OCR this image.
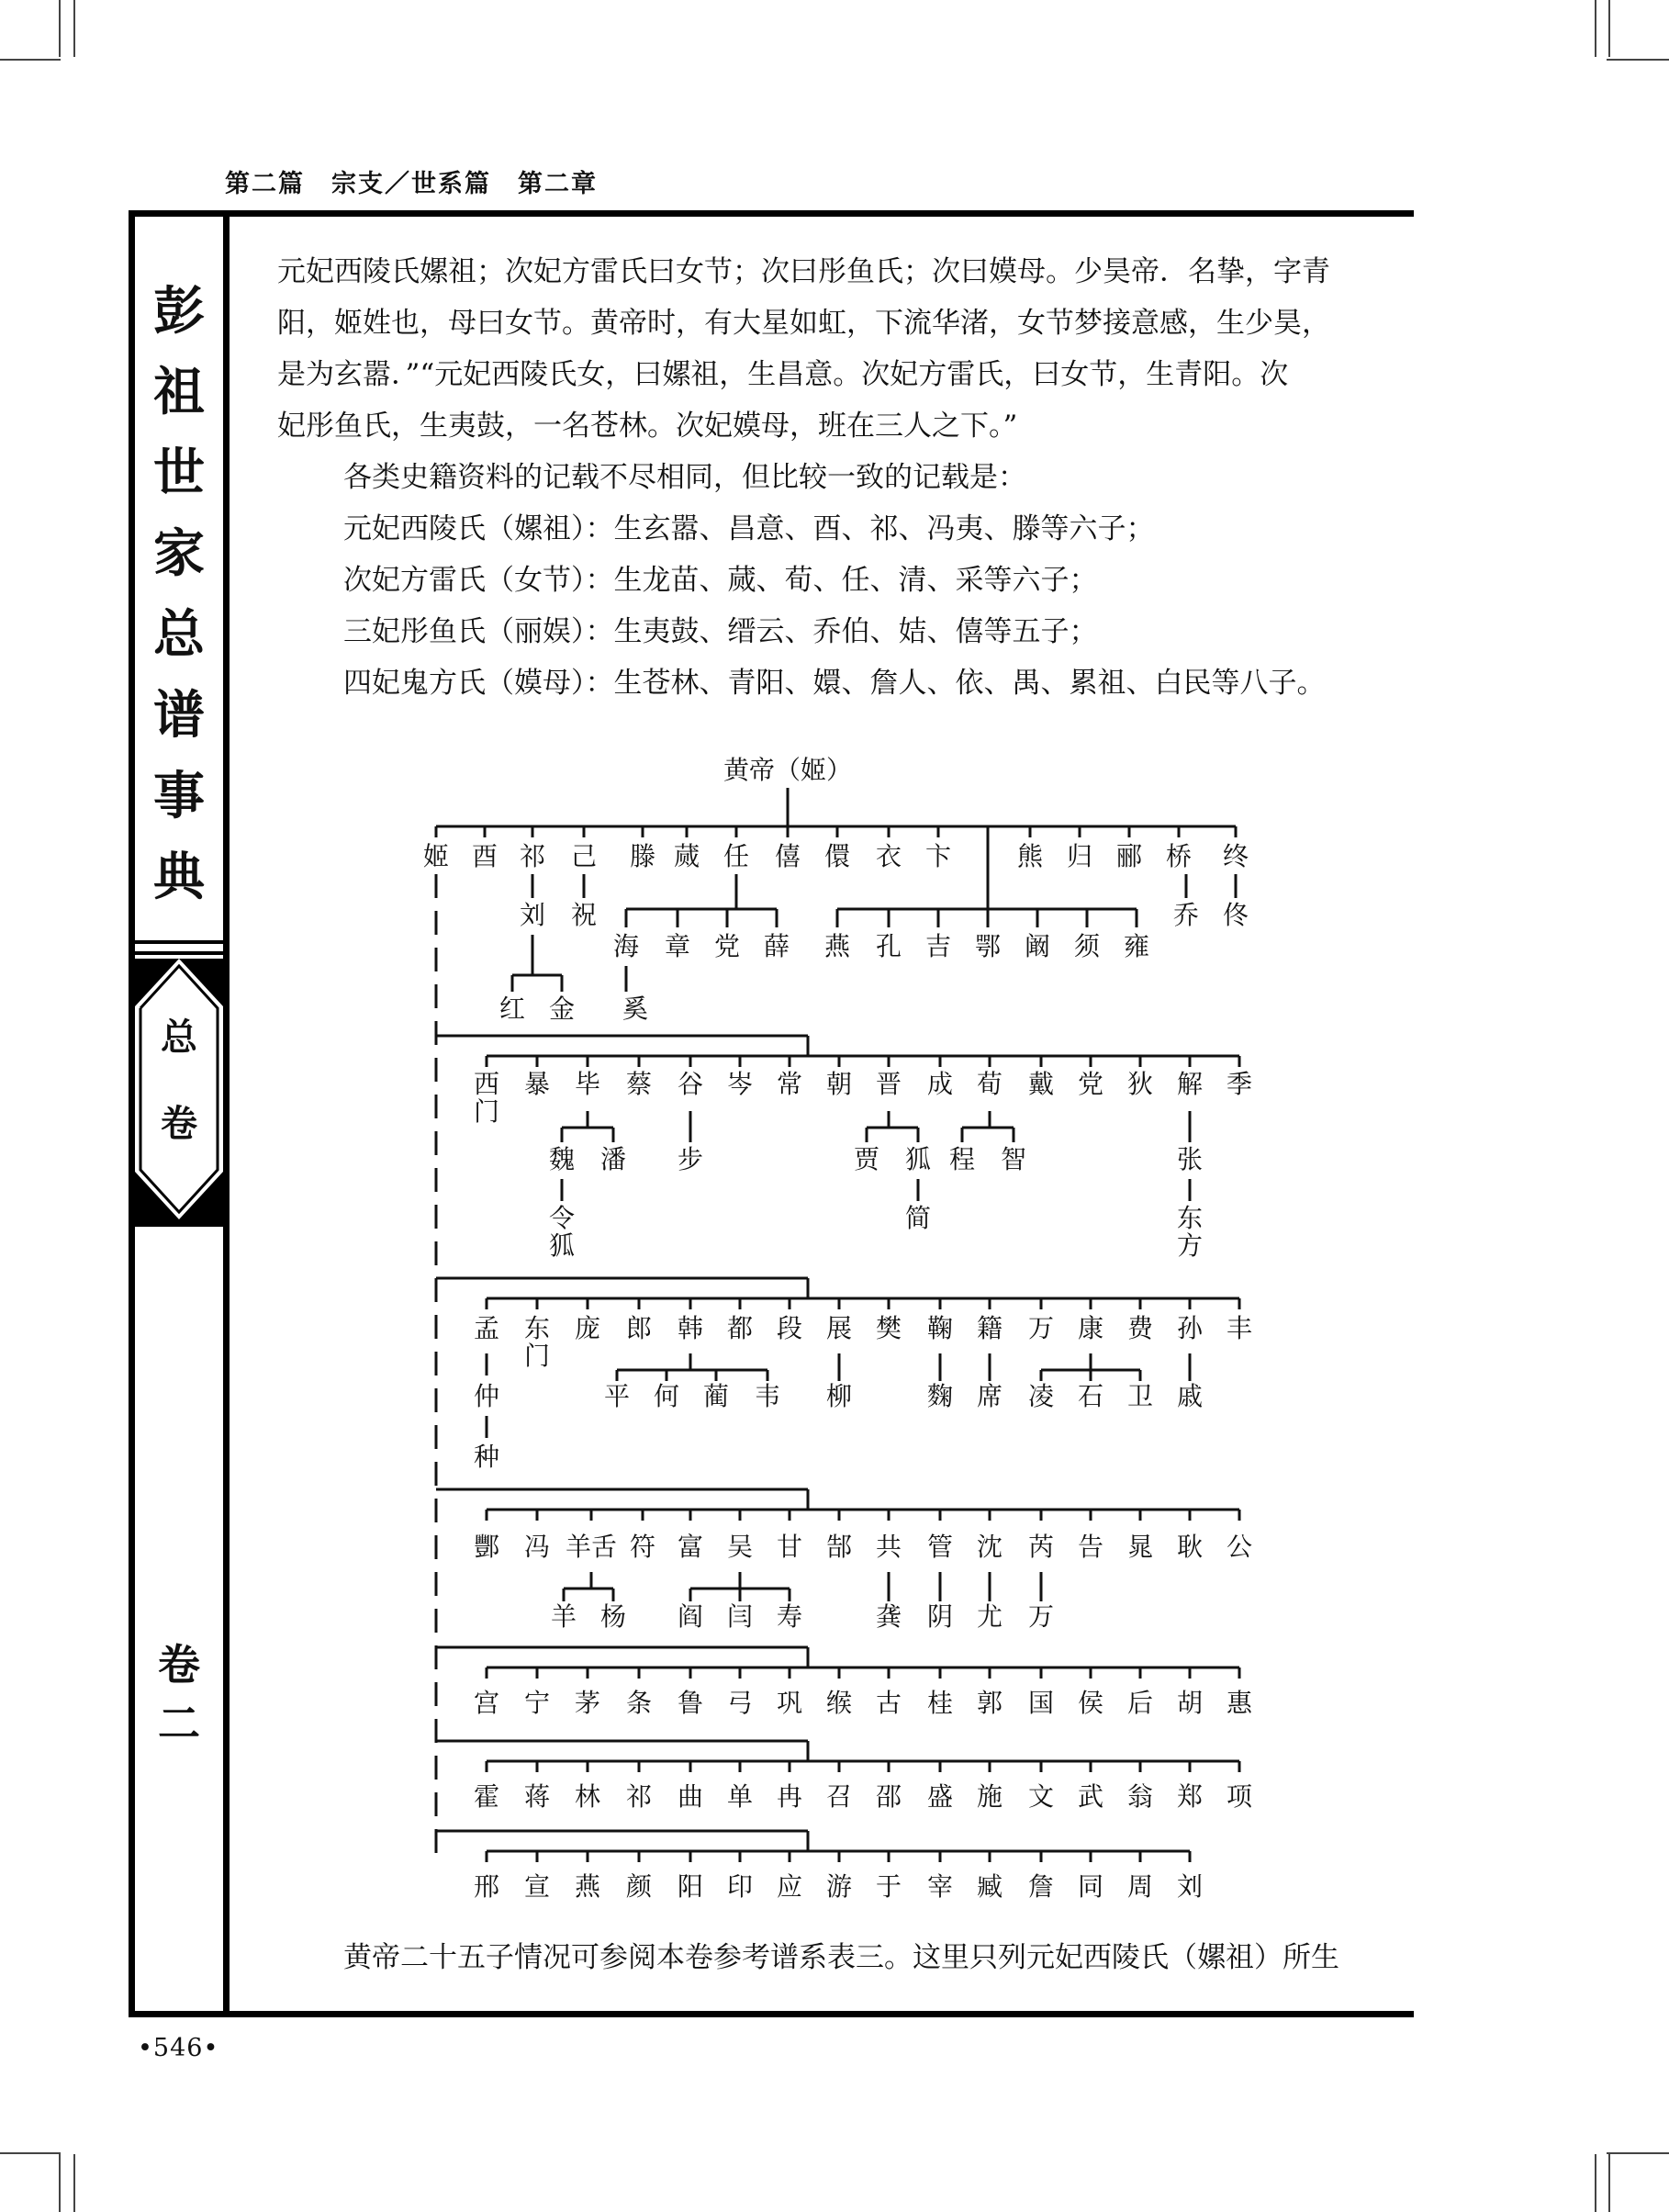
第二篇　宗支／世系篇　第二章
彭
祖
世
家
总
谱
事
典
总
卷
卷
二
元妃西陵氏嫘祖；次妃方雷氏曰女节；次曰彤鱼氏；次曰嫫母。少昊帝．名挚，字青
阳，姬姓也，母曰女节。黄帝时，有大星如虹，下流华渚，女节梦接意感，生少昊，
是为玄嚣．”“元妃西陵氏女，曰嫘祖，生昌意。次妃方雷氏，曰女节，生青阳。次
妃彤鱼氏，生夷鼓，一名苍林。次妃嫫母，班在三人之下。”
各类史籍资料的记载不尽相同，但比较一致的记载是：
元妃西陵氏（嫘祖）：生玄嚣、昌意、酉、祁、冯夷、滕等六子；
次妃方雷氏（女节）：生龙苗、蒇、荀、任、清、采等六子；
三妃彤鱼氏（丽娱）：生夷鼓、缙云、乔伯、姞、僖等五子；
四妃鬼方氏（嫫母）：生苍林、青阳、嬛、詹人、依、禺、累祖、白民等八子。
黄帝（姬）
姬 酉 祁 己 滕 蒇 任 僖 儇 衣 卞	熊 归 郦 桥 终
刘 祝
海 章 党 薛 燕 孔 吉 鄂 阚 须 雍
乔 佟
红 金 奚
西
门
暴 毕 蔡 谷 岑 常 朝 晋 成 荀 戴 党 狄 解 季
魏 潘 步	贾 狐 程 智	张
令
狐
简	东
方
孟 东
门
庞 郎 韩 都 段 展 樊 鞠 籍 万 康 费 孙 丰
仲	平 何 蔺 韦 柳	麴 席 凌 石 卫 戚
种
酆 冯 羊舌 符 富 吴 甘 郜 共 管 沈 芮 告 晁 耿 公
羊 杨 阎 闫 寿	龚 阴 尤 万
宫 宁 茅 条 鲁 弓 巩 缑 古 桂 郭 国 侯 后 胡 惠
霍 蒋 林 祁 曲 单 冉 召 邵 盛 施 文 武 翁 郑 项
邢 宣 燕 颜 阳 印 应 游 于 宰 臧 詹 同 周 刘
黄帝二十五子情况可参阅本卷参考谱系表三。这里只列元妃西陵氏（嫘祖）所生
•546•
